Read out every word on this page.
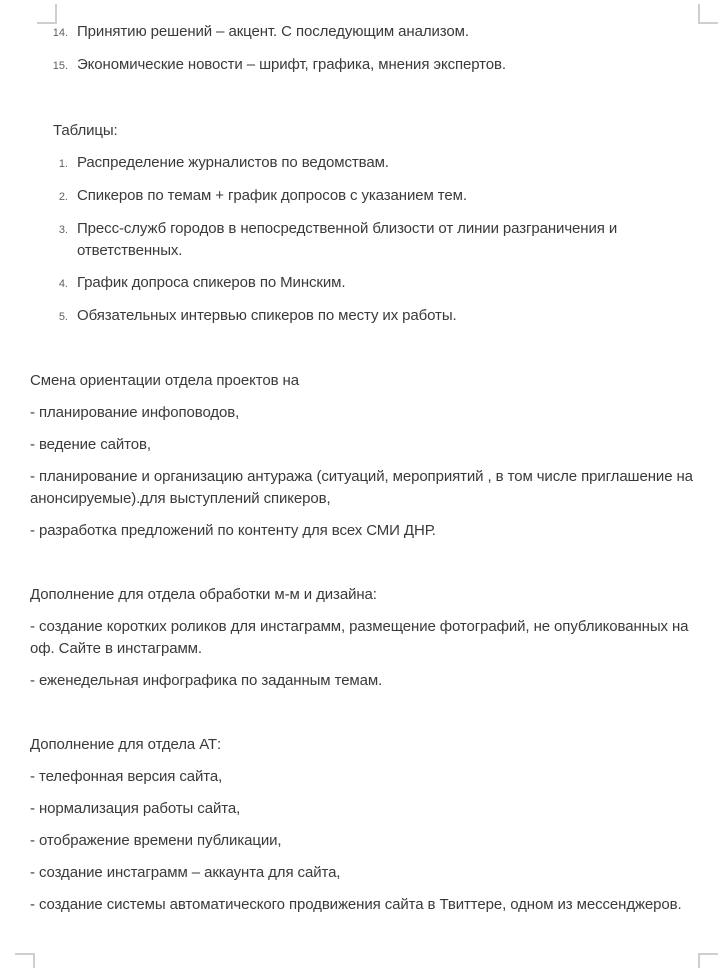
14. Принятию решений – акцент. С последующим анализом.
15. Экономические новости – шрифт, графика, мнения экспертов.

Таблицы:

1. Распределение журналистов по ведомствам.
2. Спикеров по темам + график допросов с указанием тем.
3. Пресс-служб городов в непосредственной близости от линии разграничения и ответственных.
4. График допроса спикеров по Минским.
5. Обязательных интервью спикеров по месту их работы.

Смена ориентации отдела проектов на

- планирование инфоповодов,

- ведение сайтов,

- планирование и организацию антуража (ситуаций, мероприятий , в том числе приглашение на анонсируемые).для выступлений спикеров,

- разработка предложений по контенту для всех СМИ ДНР.

Дополнение для отдела обработки м-м и дизайна:

- создание коротких роликов для инстаграмм, размещение фотографий, не опубликованных на оф. Сайте в инстаграмм.

- еженедельная инфографика по заданным темам.

Дополнение для отдела АТ:

- телефонная версия сайта,

- нормализация работы сайта,

- отображение времени публикации,

- создание инстаграмм – аккаунта для сайта,

- создание системы автоматического продвижения сайта в Твиттере, одном из мессенджеров.
